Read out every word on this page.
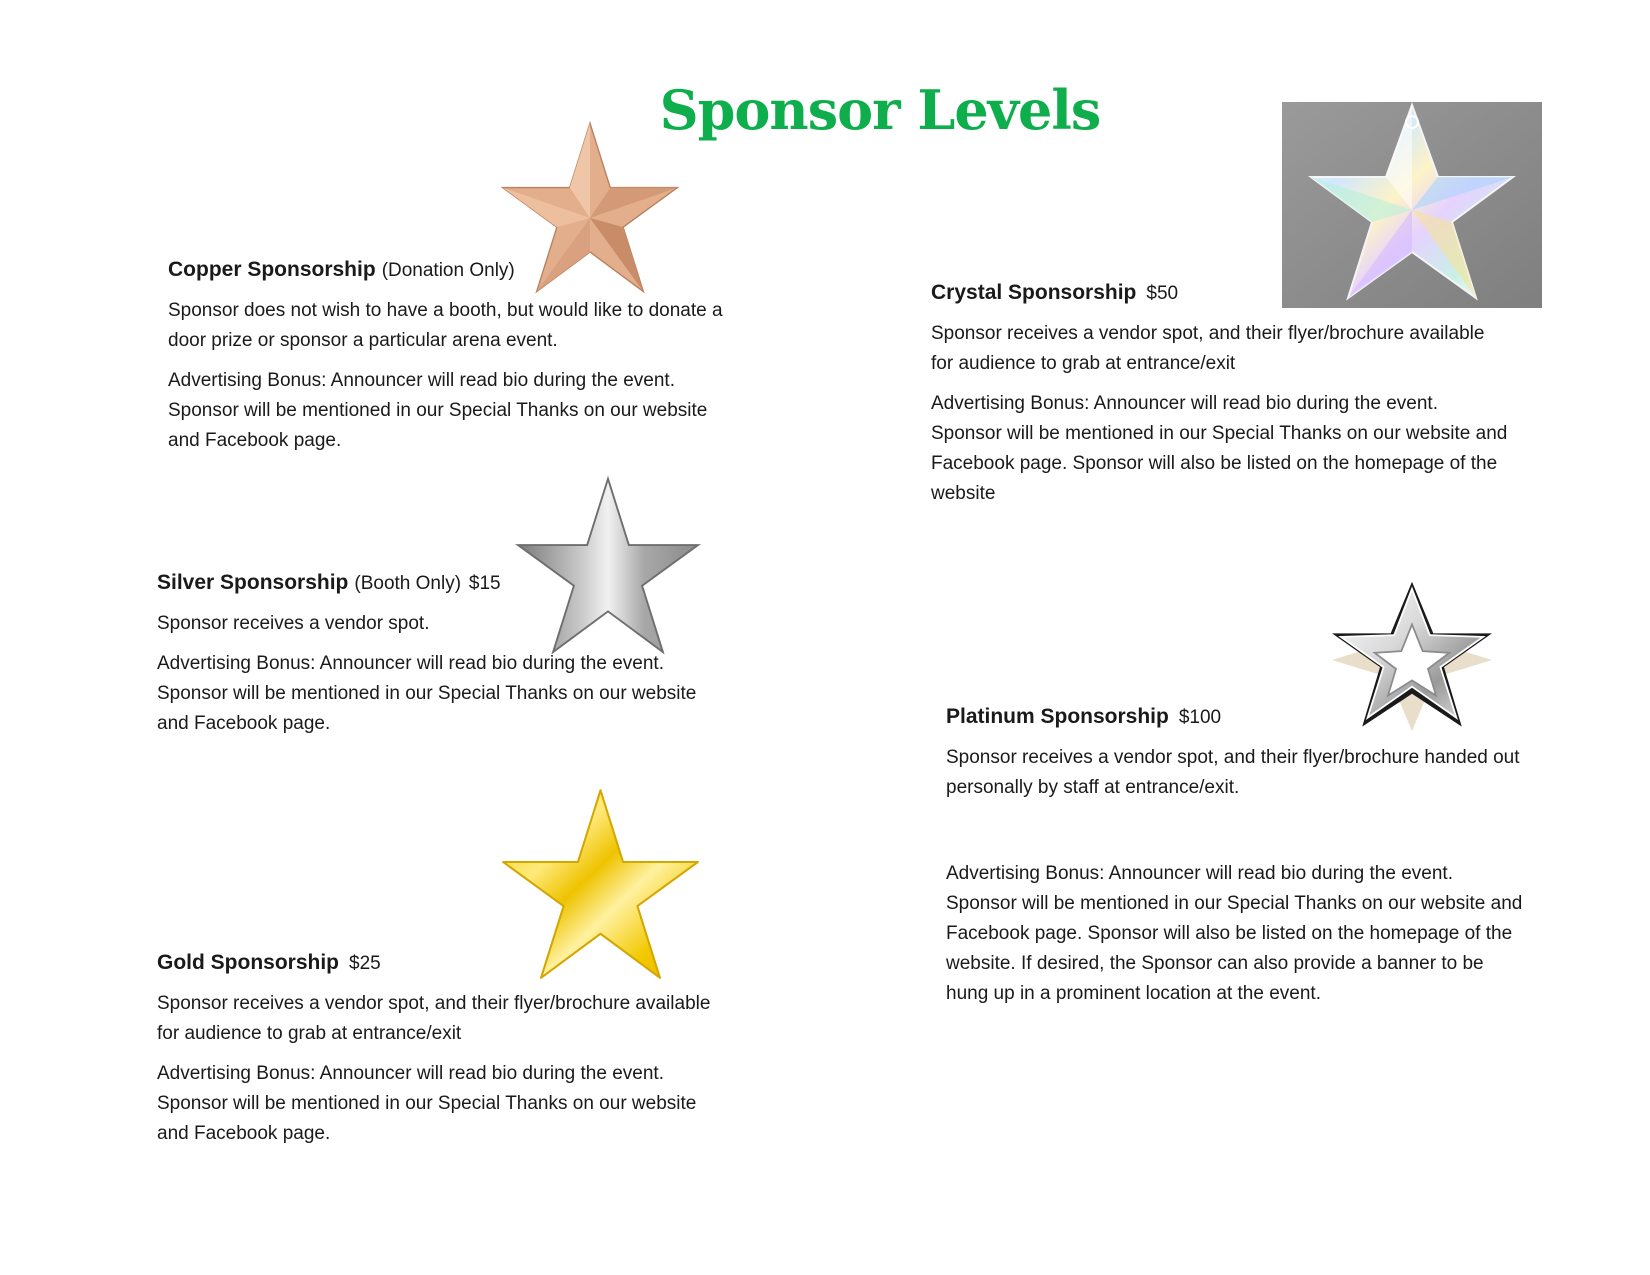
Sponsor Levels

Copper Sponsorship (Donation Only)

Sponsor does not wish to have a booth, but would like to donate a door prize or sponsor a particular arena event.

Advertising Bonus: Announcer will read bio during the event. Sponsor will be mentioned in our Special Thanks on our website and Facebook page.

Silver Sponsorship (Booth Only) $15

Sponsor receives a vendor spot.

Advertising Bonus: Announcer will read bio during the event. Sponsor will be mentioned in our Special Thanks on our website and Facebook page.

Gold Sponsorship $25

Sponsor receives a vendor spot, and their flyer/brochure available for audience to grab at entrance/exit

Advertising Bonus: Announcer will read bio during the event. Sponsor will be mentioned in our Special Thanks on our website and Facebook page.

Crystal Sponsorship $50

Sponsor receives a vendor spot, and their flyer/brochure available for audience to grab at entrance/exit

Advertising Bonus: Announcer will read bio during the event. Sponsor will be mentioned in our Special Thanks on our website and Facebook page. Sponsor will also be listed on the homepage of the website

Platinum Sponsorship $100

Sponsor receives a vendor spot, and their flyer/brochure handed out personally by staff at entrance/exit.

Advertising Bonus: Announcer will read bio during the event. Sponsor will be mentioned in our Special Thanks on our website and Facebook page. Sponsor will also be listed on the homepage of the website. If desired, the Sponsor can also provide a banner to be hung up in a prominent location at the event.
